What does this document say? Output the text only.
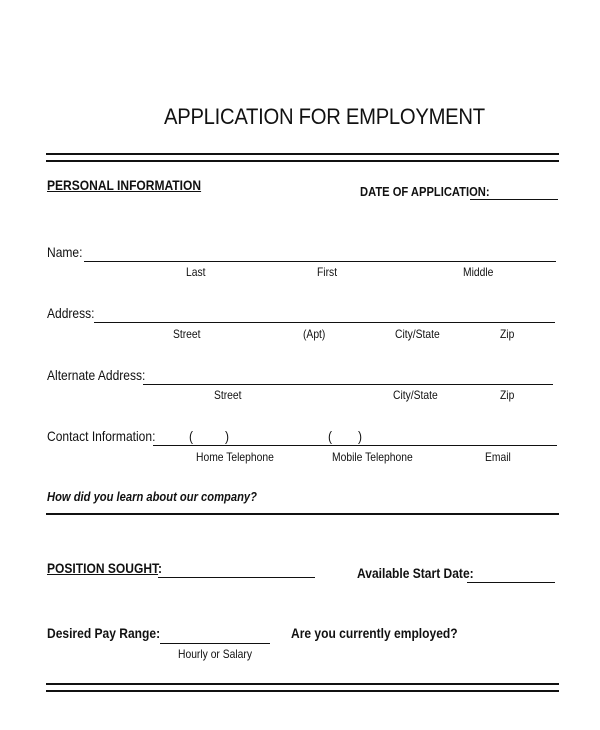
APPLICATION FOR EMPLOYMENT
PERSONAL INFORMATION	DATE OF APPLICATION:
Name:
Last	First	Middle
Address:
Street	(Apt)	City/State	Zip
Alternate Address:
Street	City/State	Zip
Contact Information: ( )	( )
Home Telephone	Mobile Telephone	Email
How did you learn about our company?
POSITION SOUGHT:	Available Start Date:
Desired Pay Range:
Hourly or Salary
Are you currently employed?
